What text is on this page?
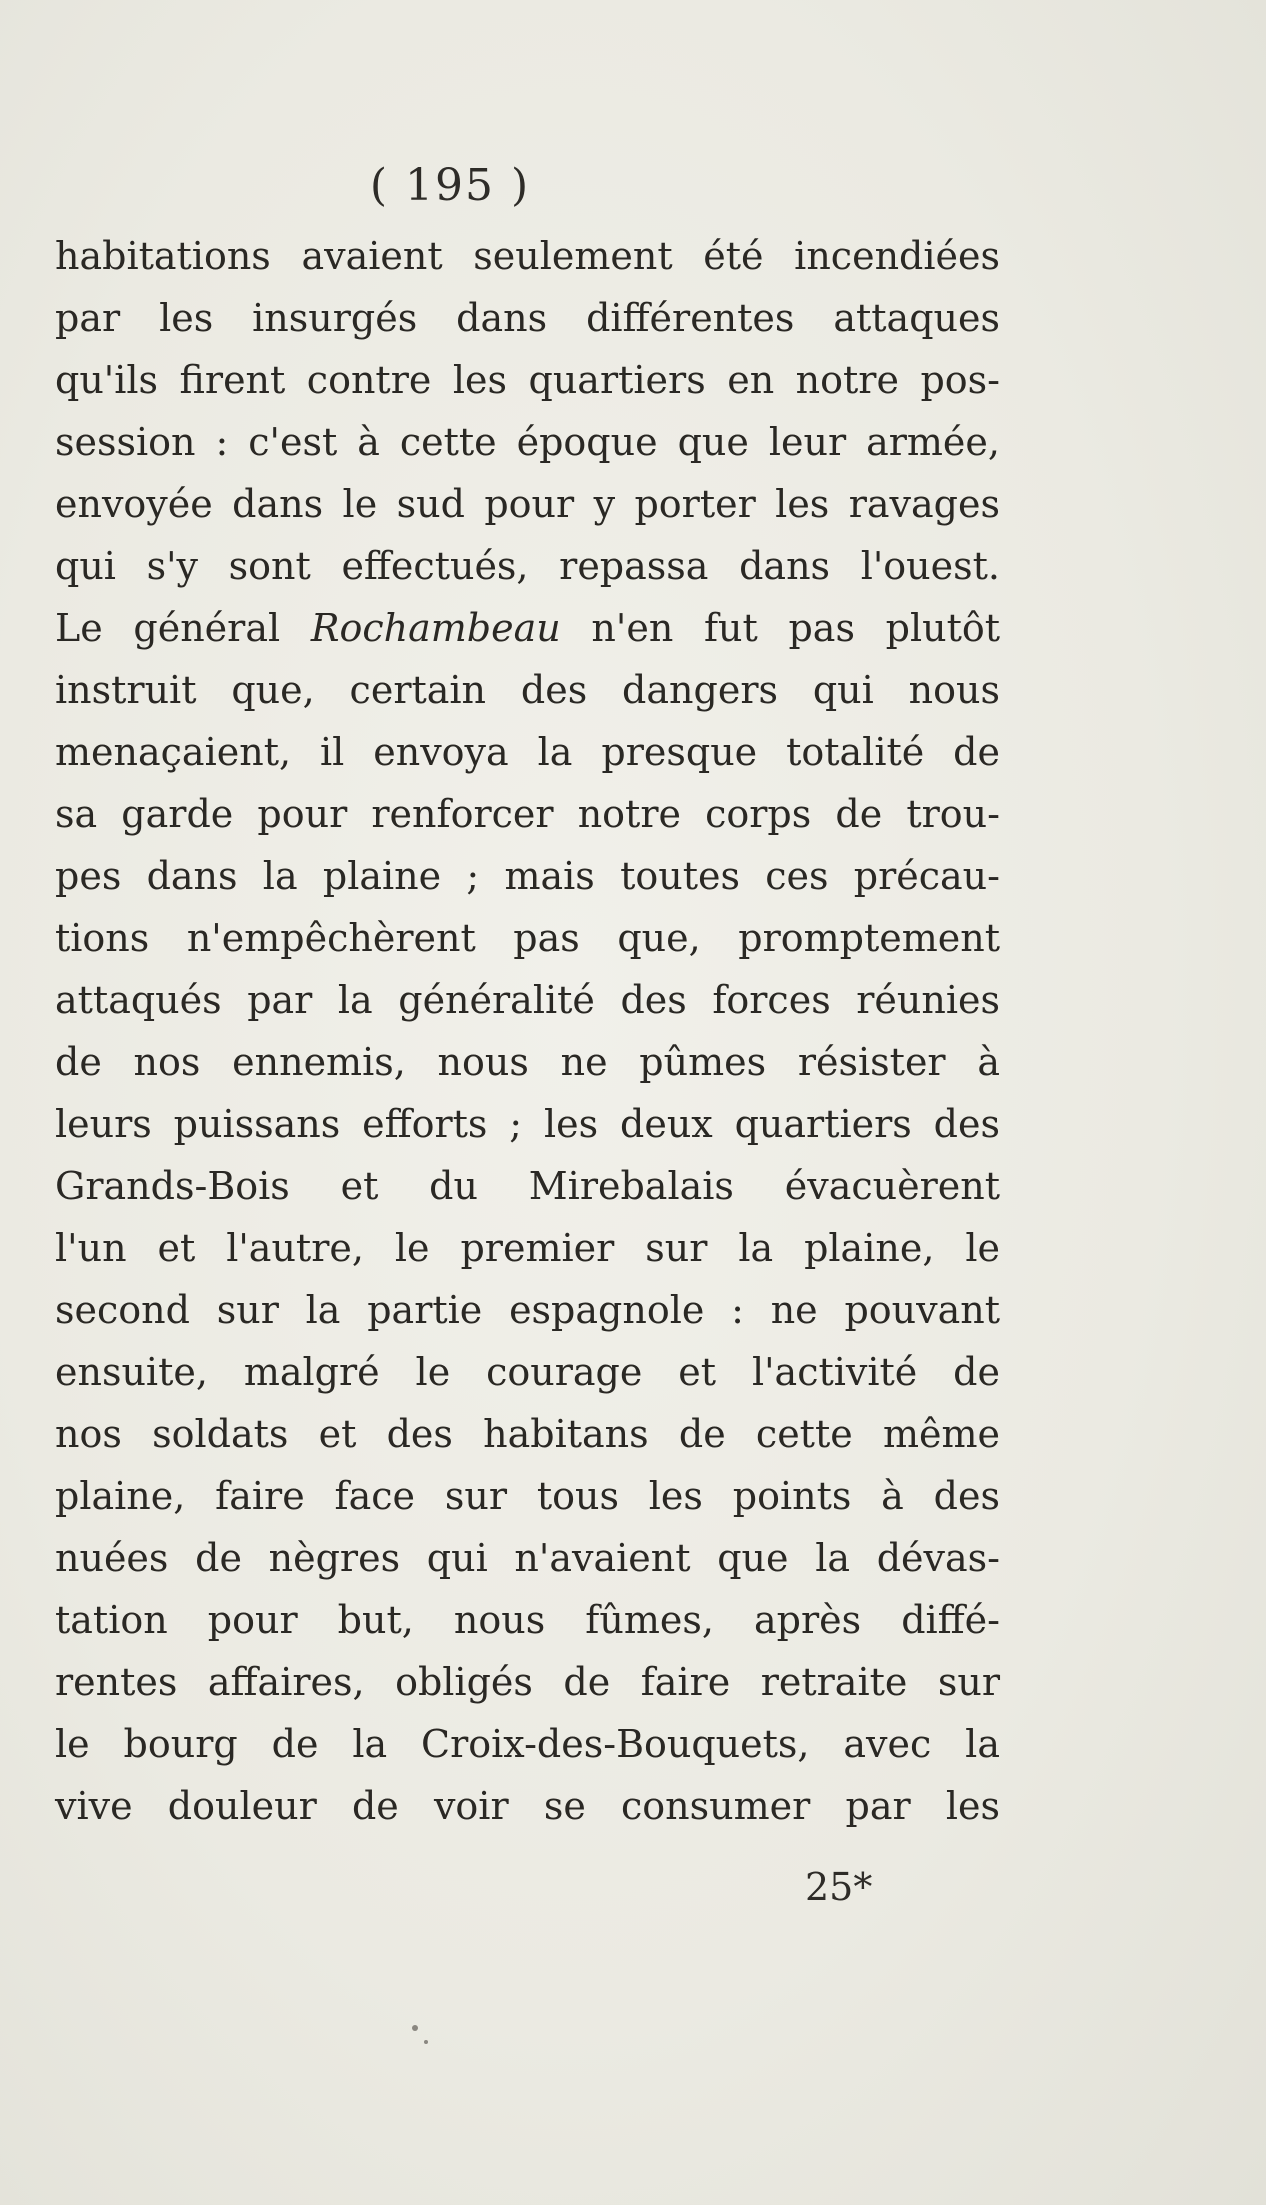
( 195 )
habitations avaient seulement été incendiées
par les insurgés dans différentes attaques
qu'ils firent contre les quartiers en notre pos-
session : c'est à cette époque que leur armée,
envoyée dans le sud pour y porter les ravages
qui s'y sont effectués, repassa dans l'ouest.
Le général Rochambeau n'en fut pas plutôt
instruit que, certain des dangers qui nous
menaçaient, il envoya la presque totalité de
sa garde pour renforcer notre corps de trou-
pes dans la plaine ; mais toutes ces précau-
tions n'empêchèrent pas que, promptement
attaqués par la généralité des forces réunies
de nos ennemis, nous ne pûmes résister à
leurs puissans efforts ; les deux quartiers des
Grands-Bois et du Mirebalais évacuèrent
l'un et l'autre, le premier sur la plaine, le
second sur la partie espagnole : ne pouvant
ensuite, malgré le courage et l'activité de
nos soldats et des habitans de cette même
plaine, faire face sur tous les points à des
nuées de nègres qui n'avaient que la dévas-
tation pour but, nous fûmes, après diffé-
rentes affaires, obligés de faire retraite sur
le bourg de la Croix-des-Bouquets, avec la
vive douleur de voir se consumer par les
25*
